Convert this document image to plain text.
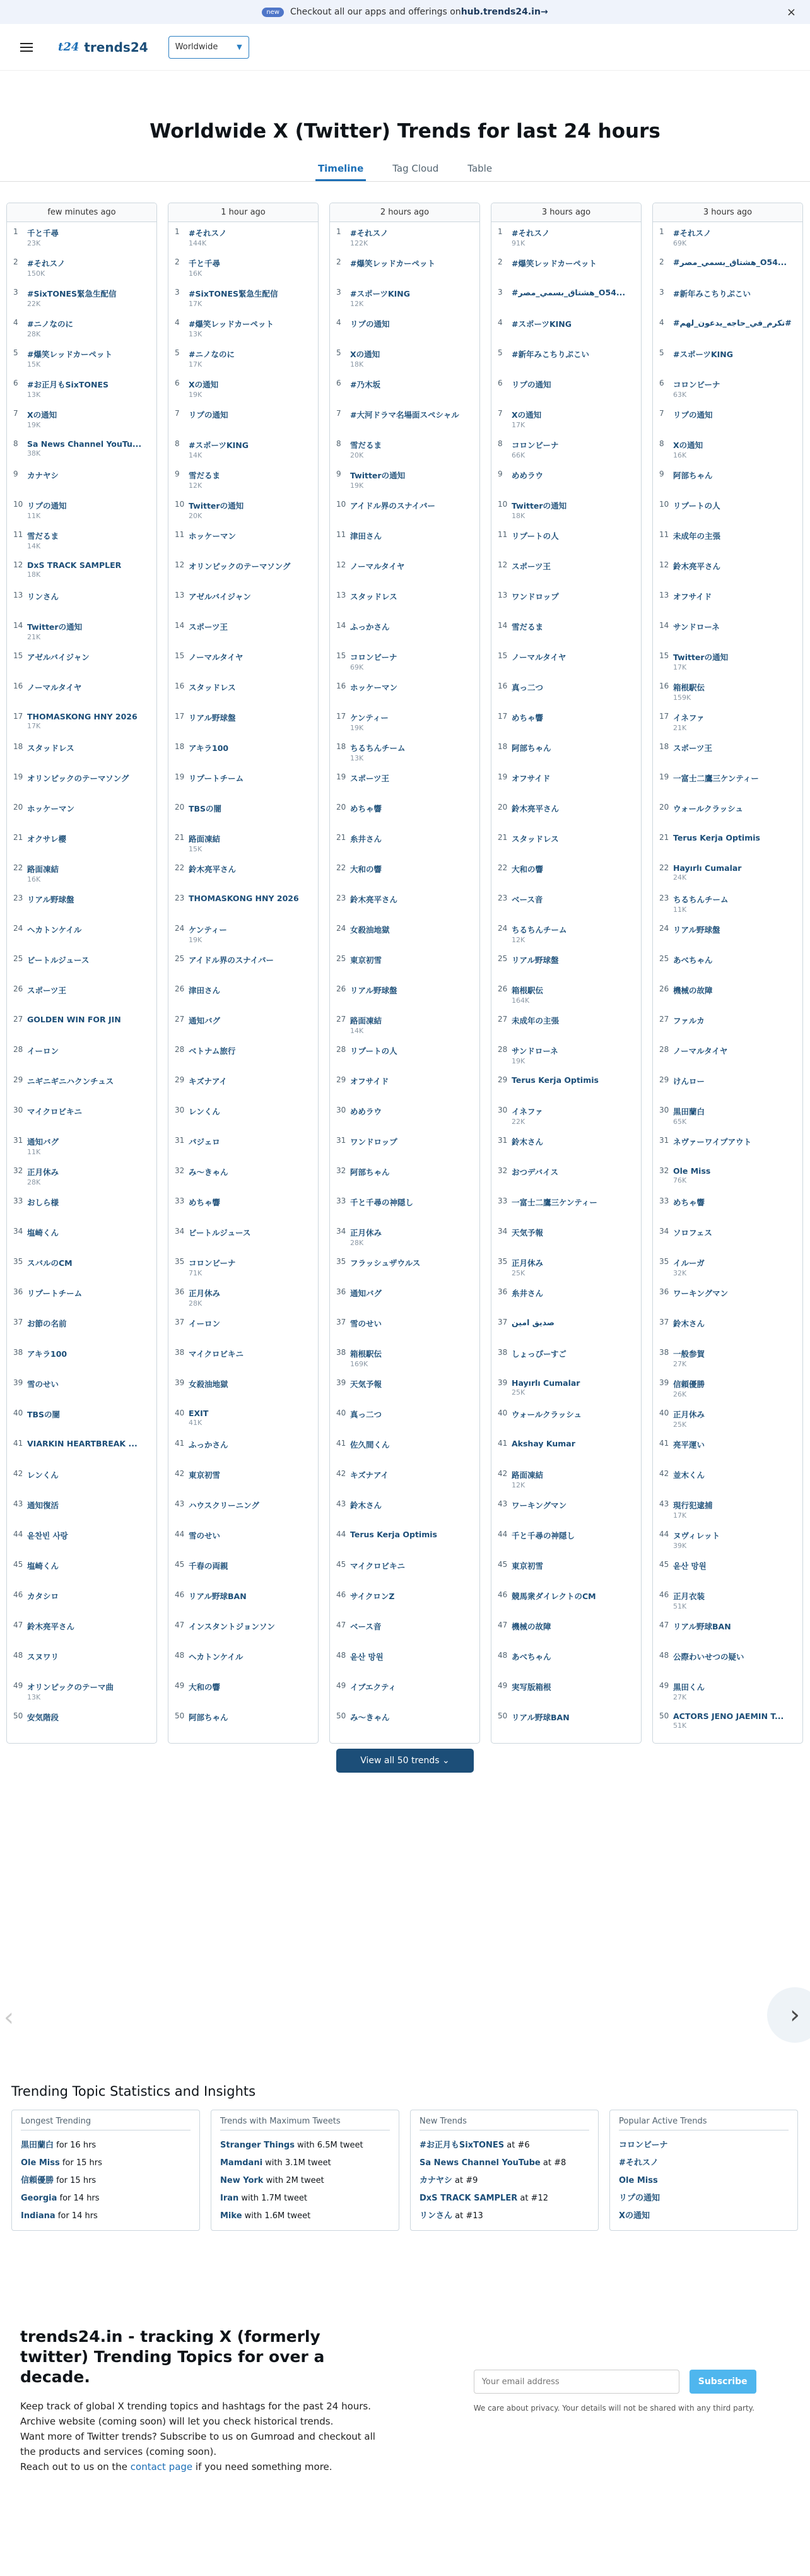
new	Checkout all our apps and offerings on hub.trends24.in →	×
t24 trends24	Worldwide	▼
Worldwide X (Twitter) Trends for last 24 hours
Timeline	Tag Cloud	Table
few minutes ago
1	千と千尋
23K
2	#それスノ
150K
3	#SixTONES緊急生配信
22K
4	#ニノなのに
28K
5	#爆笑レッドカーペット
15K
6	#お正月もSixTONES
13K
7	Xの通知
19K
8	Sa News Channel YouTu...
38K
9	カナヤシ
10 リプの通知
11K
11 雪だるま
14K
12 DxS TRACK SAMPLER
18K
13 リンさん
14 Twitterの通知
21K
15 アゼルバイジャン
16 ノーマルタイヤ
17 THOMASKONG HNY 2026
17K
18 スタッドレス
19 オリンピックのテーマソング
20 ホッケーマン
21 オクサレ櫻
22 路面凍結
16K
23 リアル野球盤
24 ヘカトンケイル
25 ビートルジュース
26 スポーツ王
27 GOLDEN WIN FOR JIN
28 イーロン
29 ニギニギニハクンチュス
30 マイクロビキニ
31 通知バグ
11K
32 正月休み
28K
33 おしら様
34 塩崎くん
35 スバルのCM
36 リプートチーム
37 お節の名前
38 アキラ100
39 雪のせい
40 TBSの闇
41 VIARKIN HEARTBREAK ...
42 レンくん
43 通知復活
44 윤찬빈 사랑
45 塩崎くん
46 カタシロ
47 鈴木亮平さん
48 スヌワリ
49 オリンピックのテーマ曲
13K
50 安気階段
1 hour ago
1	#それスノ
144K
2	千と千尋
16K
3	#SixTONES緊急生配信
17K
4	#爆笑レッドカーペット
13K
5	#ニノなのに
17K
6	Xの通知
19K
7	リプの通知
8	#スポーツKING
14K
9	雪だるま
12K
10 Twitterの通知
20K
11 ホッケーマン
12 オリンピックのテーマソング
13 アゼルバイジャン
14 スポーツ王
15 ノーマルタイヤ
16 スタッドレス
17 リアル野球盤
18 アキラ100
19 リプートチーム
20 TBSの闇
21 路面凍結
15K
22 鈴木亮平さん
23 THOMASKONG HNY 2026
24 ケンティー
19K
25 アイドル界のスナイパー
26 津田さん
27 通知バグ
28 ベトナム旅行
29 キズナアイ
30 レンくん
31 パジェロ
32 み～きゃん
33 めちゃ響
34 ビートルジュース
35 コロンビーナ
71K
36 正月休み
28K
37 イーロン
38 マイクロビキニ
39 女殺油地獄
40 EXIT
41K
41 ふっかさん
42 東京初雪
43 ハウスクリーニング
44 雪のせい
45 千春の両親
46 リアル野球BAN
47 インスタントジョンソン
48 ヘカトンケイル
49 大和の響
50 阿部ちゃん
2 hours ago
1	#それスノ
122K
2	#爆笑レッドカーペット
3	#スポーツKING
12K
4	リプの通知
5	Xの通知
18K
6	#乃木坂
7	#大河ドラマ名場面スペシャル
8	雪だるま
20K
9	Twitterの通知
19K
10 アイドル界のスナイパー
11 津田さん
12 ノーマルタイヤ
13 スタッドレス
14 ふっかさん
15 コロンビーナ
69K
16 ホッケーマン
17 ケンティー
19K
18 ちるちんチーム
13K
19 スポーツ王
20 めちゃ響
21 糸井さん
22 大和の響
23 鈴木亮平さん
24 女殺油地獄
25 東京初雪
26 リアル野球盤
27 路面凍結
14K
28 リプートの人
29 オフサイド
30 めめラウ
31 ワンドロップ
32 阿部ちゃん
33 千と千尋の神隠し
34 正月休み
28K
35 フラッシュザウルス
36 通知バグ
37 雪のせい
38 箱根駅伝
169K
39 天気予報
40 真っ二つ
41 佐久間くん
42 キズナアイ
43 鈴木さん
44 Terus Kerja Optimis
45 マイクロビキニ
46 サイクロンZ
47 ベース音
48 윤산 망원
49 イブエクティ
50 み～きゃん
3 hours ago
1	#それスノ
91K
2	#爆笑レッドカーペット
3	#هشتاق_بسمي_مصر_O54...
4	#スポーツKING
5	#新年みこちりぷこい
6	リプの通知
7	Xの通知
17K
8	コロンビーナ
66K
9	めめラウ
10 Twitterの通知
18K
11 リプートの人
12 スポーツ王
13 ワンドロップ
14 雪だるま
15 ノーマルタイヤ
16 真っ二つ
17 めちゃ響
18 阿部ちゃん
19 オフサイド
20 鈴木亮平さん
21 スタッドレス
22 大和の響
23 ベース音
24 ちるちんチーム
12K
25 リアル野球盤
26 箱根駅伝
164K
27 未成年の主張
28 サンドローネ
19K
29 Terus Kerja Optimis
30 イネファ
22K
31 鈴木さん
32 おつデバイス
33 一富士二鷹三ケンティー
34 天気予報
35 正月休み
25K
36 糸井さん
37 صديق امين
38 しょっぴーすご
39 Hayırlı Cumalar
25K
40 ウォールクラッシュ
41 Akshay Kumar
42 路面凍結
12K
43 ワーキングマン
44 千と千尋の神隠し
45 東京初雪
46 競馬衆ダイレクトのCM
47 機械の故障
48 あべちゃん
49 実写版箱根
50 リアル野球BAN
3 hours ago
1	#それスノ
69K
2	#هشتاق_بسمي_مصر_O54...
3	#新年みこちりぷこい
4	#تكرم_في_حاجه_يدعون_لهم#
5	#スポーツKING
6	コロンビーナ
63K
7	リプの通知
8	Xの通知
16K
9	阿部ちゃん
10 リプートの人
11 未成年の主張
12 鈴木亮平さん
13 オフサイド
14 サンドローネ
15 Twitterの通知
17K
16 箱根駅伝
159K
17 イネファ
21K
18 スポーツ王
19 一富士二鷹三ケンティー
20 ウォールクラッシュ
21 Terus Kerja Optimis
22 Hayırlı Cumalar
24K
23 ちるちんチーム
11K
24 リアル野球盤
25 あべちゃん
26 機械の故障
27 ファルカ
28 ノーマルタイヤ
29 けんロー
30 黒田蘭白
65K
31 ネヴァーワイプアウト
32 Ole Miss
76K
33 めちゃ響
34 ソロフェス
35 イルーガ
32K
36 ワーキングマン
37 鈴木さん
38 一般参賀
27K
39 信頼優勝
26K
40 正月休み
25K
41 亮平運い
42 並木くん
43 現行犯逮捕
17K
44 ヌヴィレット
39K
45 윤산 망원
46 正月衣装
51K
47 リアル野球BAN
48 公際わいせつの疑い
49 黒田くん
27K
50 ACTORS JENO JAEMIN T...
51K
View all 50 trends ⌄
‹	›
Trending Topic Statistics and Insights
Longest Trending
黒田蘭白 for 16 hrs
Ole Miss for 15 hrs
信頼優勝 for 15 hrs
Georgia for 14 hrs
Indiana for 14 hrs
Trends with Maximum Tweets
Stranger Things with 6.5M tweet
Mamdani with 3.1M tweet
New York with 2M tweet
Iran with 1.7M tweet
Mike with 1.6M tweet
New Trends
#お正月もSixTONES at #6
Sa News Channel YouTube at #8
カナヤシ at #9
DxS TRACK SAMPLER at #12
リンさん at #13
Popular Active Trends
コロンビーナ
#それスノ
Ole Miss
リプの通知
Xの通知
trends24.in - tracking X (formerly twitter) Trending Topics for over a decade.

Keep track of global X trending topics and hashtags for the past 24 hours.
Archive website (coming soon) will let you check historical trends.
Want more of Twitter trends? Subscribe to us on Gumroad and checkout all the products and services (coming soon).
Reach out to us on the contact page if you need something more.

Your email address
Subscribe
We care about privacy. Your details will not be shared with any third party.
